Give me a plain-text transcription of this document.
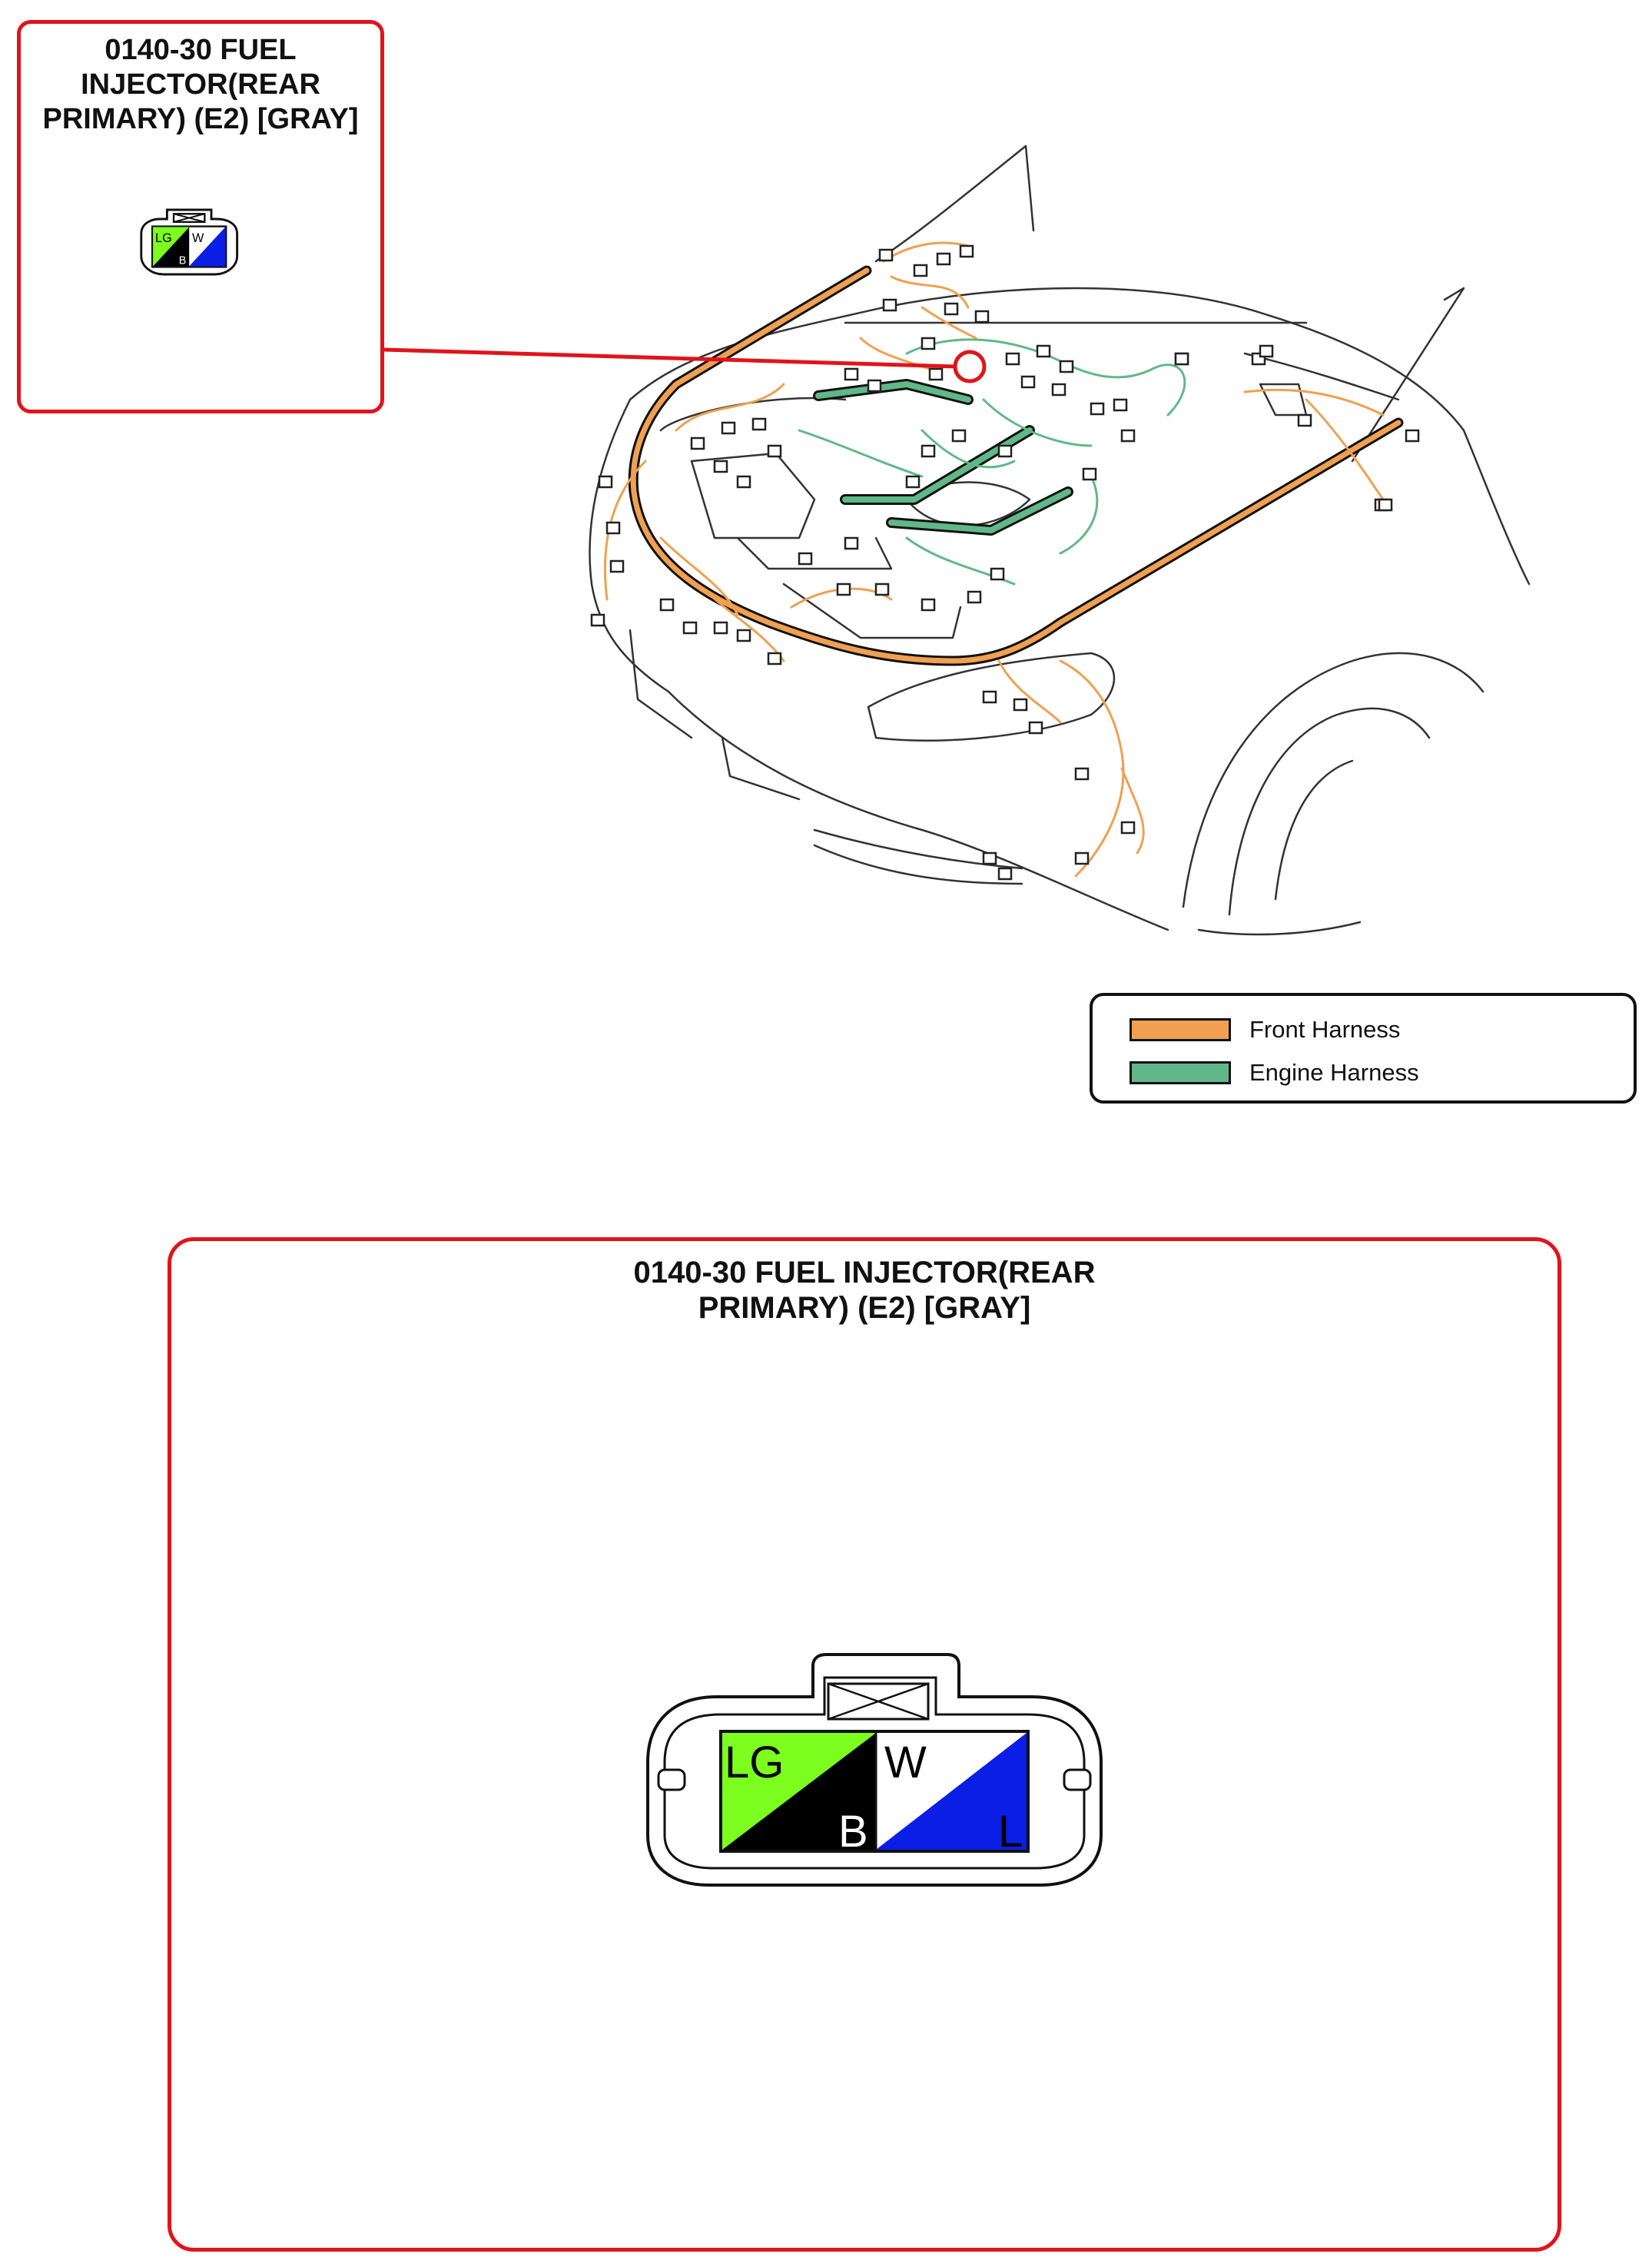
0140-30 FUEL INJECTOR(REAR PRIMARY) (E2) [GRAY]
LG
B
W
Front Harness
Engine Harness
0140-30 FUEL INJECTOR(REAR PRIMARY) (E2) [GRAY]
LG
B
W
L
